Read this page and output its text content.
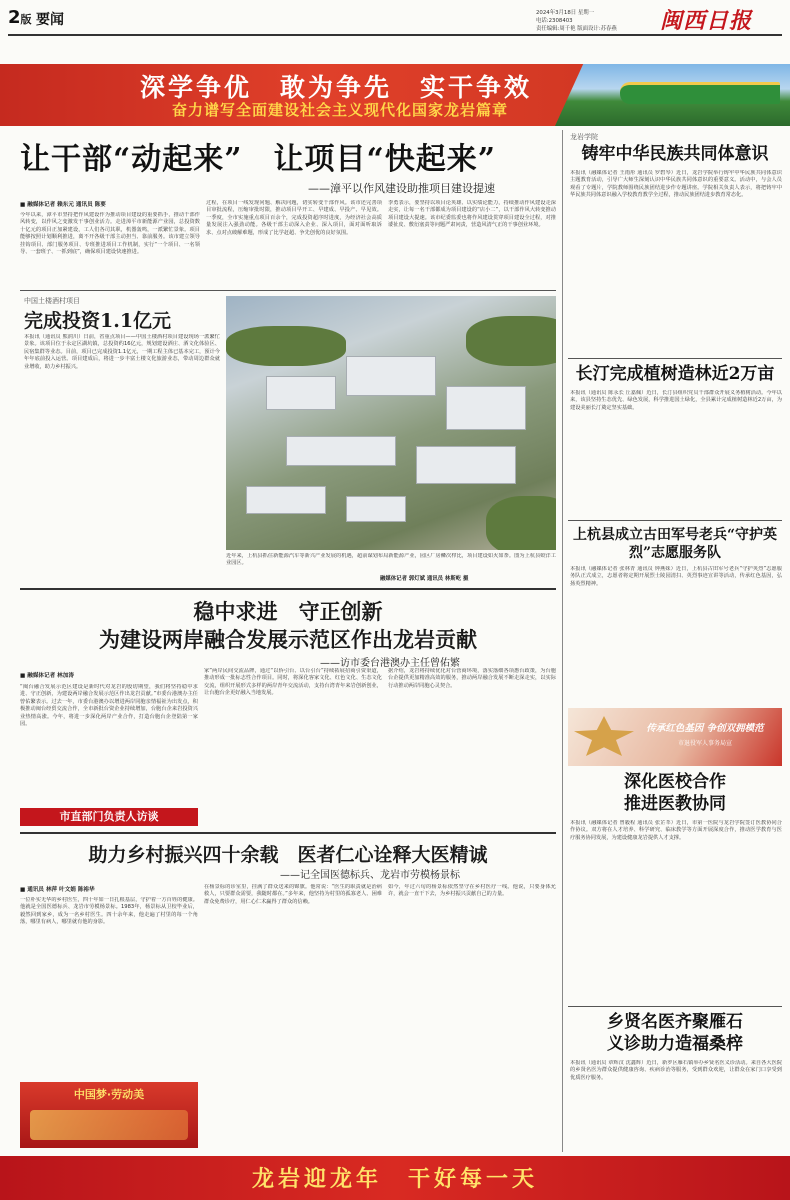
2版 要闻	2024年3月18日 星期一
电话:2308403
责任编辑:周千艳 版面设计:苏春燕 闽西日报
深学争优　敢为争先　实干争效
奋力谱写全面建设社会主义现代化国家龙岩篇章
让干部“动起来”　让项目“快起来”
——漳平以作风建设助推项目建设提速
■ 融媒体记者 赖东元 通讯员 陈要
今年以来，漳平市坚持把作风建设作为推动项目建设的重要抓手，推动干部作风转变，以作风之变激发干事创业活力。走进漳平市新能源产业园，总投资数十亿元的项目正加紧建设，工人们各司其职，机器轰鸣，一派繁忙景象。项目能够按照计划顺利推进，离不开各级干部主动担当、靠前服务。该市建立领导挂钩项目、部门服务项目、专班推进项目工作机制，实行“一个项目、一名领导、一套班子、一抓到底”，确保项目建设快速推进。
过程，在项目一线发现问题、解决问题，切实转变干部作风。该市还完善项目审批流程，压缩审批时限，推动项目早开工、早建成、早投产、早见效。一季度，全市实施重点项目百余个，完成投资超序时进度，为经济社会高质量发展注入强劲动能。各级干部主动深入企业、深入项目，面对面听取诉求、点对点破解难题，形成了比学赶超、争先创优的良好氛围。
李勇表示，要坚持以项目论英雄、以实绩论能力，持续推动作风建设走深走实，让每一名干部都成为项目建设的“店小二”，以干部作风大转变推动项目建设大提速。该市纪委监委也将作风建设贯穿项目建设全过程，对推诿扯皮、敷衍塞责等问题严肃问责，营造风清气正的干事创业环境。
中国土楼酒村项目
完成投资1.1亿元
本报讯（通讯员 熊润川）日前，省重点项目——中国土楼酒村项目建设现场一派繁忙景象。该项目位于永定区湖坑镇，总投资约16亿元，规划建设酒庄、酒文化体验区、民宿集群等业态。目前，项目已完成投资1.1亿元，一期工程主体已基本完工，预计今年年底前投入运营。项目建成后，将进一步丰富土楼文化旅游业态，带动周边群众就业增收，助力乡村振兴。
近年来，上杭县抓住新能源汽车等新兴产业发展的机遇，超前谋划布局新能源产业，园区厂房鳞次栉比，项目建设如火如荼。图为上杭县蛟洋工业园区。
融媒体记者 郭灯斌 通讯员 林斯屹 摄
稳中求进　守正创新
为建设两岸融合发展示范区作出龙岩贡献
——访市委台港澳办主任曾佑繁
■ 融媒体记者 林加涛
“闽台融合发展示范区建设是新时代对龙岩的殷切期望，我们将坚持稳中求进、守正创新，为建设两岸融合发展示范区作出龙岩贡献。”市委台港澳办主任曾佑繁表示。过去一年，市委台港澳办以增进两岸同胞亲情福祉为出发点，积极推动闽台经贸交流合作，全市新批台资企业持续增加，台胞台企来岩投资兴业热情高涨。今年，将进一步深化两岸产业合作，打造台胞台企登陆第一家园。
家”两岸民间交流品牌，通过“以侨引台、以台引台”持续拓展招商引资渠道，推动形成一批标志性合作项目。同时，将深化客家文化、红色文化、生态文化交流，组织开展形式多样的两岸青年交流活动，支持台湾青年来岩创新创业，让台胞台企更好融入当地发展。
据介绍，龙岩将持续优化对台营商环境，落实落细各项惠台政策，为台胞台企提供更加精准高效的服务，推动两岸融合发展不断走深走实，以实际行动推动两岸同胞心灵契合。
市直部门负责人访谈
助力乡村振兴四十余载　医者仁心诠释大医精诚
——记全国医德标兵、龙岩市劳模杨景标
■ 通讯员 林萍 叶文娟 陈裕华
一位朴实无华的乡村医生，四十年如一日扎根基层，守护着一方百姓的健康。他就是全国医德标兵、龙岩市劳模杨景标。1983年，杨景标从卫校毕业后，毅然回到家乡，成为一名乡村医生。四十余年来，他走遍了村里的每一个角落，哪里有病人，哪里就有他的身影。
在杨景标的诊室里，挂满了群众送来的锦旗。他常说：“医生的职责就是治病救人，只要群众需要，我随时都在。”多年来，他坚持为村里的孤寡老人、困难群众免费诊疗，用仁心仁术赢得了群众的信赖。
如今，年过六旬的杨景标依然坚守在乡村医疗一线。他说，只要身体允许，就会一直干下去，为乡村振兴贡献自己的力量。
中国梦·劳动美
龙岩学院
铸牢中华民族共同体意识
本报讯（融媒体记者 王雨彤 通讯员 罗碧琴）近日，龙岩学院举行铸牢中华民族共同体意识主题教育活动，引导广大师生深刻认识中华民族共同体意识的重要意义。活动中，与会人员观看了专题片，学院教师围绕民族团结进步作专题讲座。学院相关负责人表示，将把铸牢中华民族共同体意识融入学校教育教学全过程，推动民族团结进步教育常态化。
长汀完成植树造林近2万亩
本报讯（通讯员 陈永长 丘嘉佩）近日，长汀县组织党员干部群众开展义务植树活动。今年以来，该县坚持生态优先、绿色发展，科学推进国土绿化，全县累计完成植树造林近2万亩，为建设美丽长汀奠定坚实基础。
上杭县成立古田军号老兵“守护英烈”志愿服务队
本报讯（融媒体记者 张林青 通讯员 钟燕妹）近日，上杭县古田军号老兵“守护英烈”志愿服务队正式成立，志愿者将定期开展烈士陵园清扫、英烈事迹宣讲等活动，传承红色基因，弘扬英烈精神。
传承红色基因 争创双拥模范
市退役军人事务局宣
深化医校合作
推进医教协同
本报讯（融媒体记者 曾毅程 通讯员 张芷莘）近日，市第一医院与龙岩学院签订医教协同合作协议。双方将在人才培养、科学研究、临床教学等方面开展深度合作，推动医学教育与医疗服务协同发展，为建设健康龙岩提供人才支撑。
乡贤名医齐聚雁石
义诊助力造福桑梓
本报讯（通讯员 章辉汉 沈鑫辉）近日，新罗区雁石镇举办乡贤名医义诊活动。来自各大医院的乡贤名医为群众提供健康咨询、疾病诊治等服务，受到群众欢迎，让群众在家门口享受到优质医疗服务。
龙岩迎龙年　干好每一天
